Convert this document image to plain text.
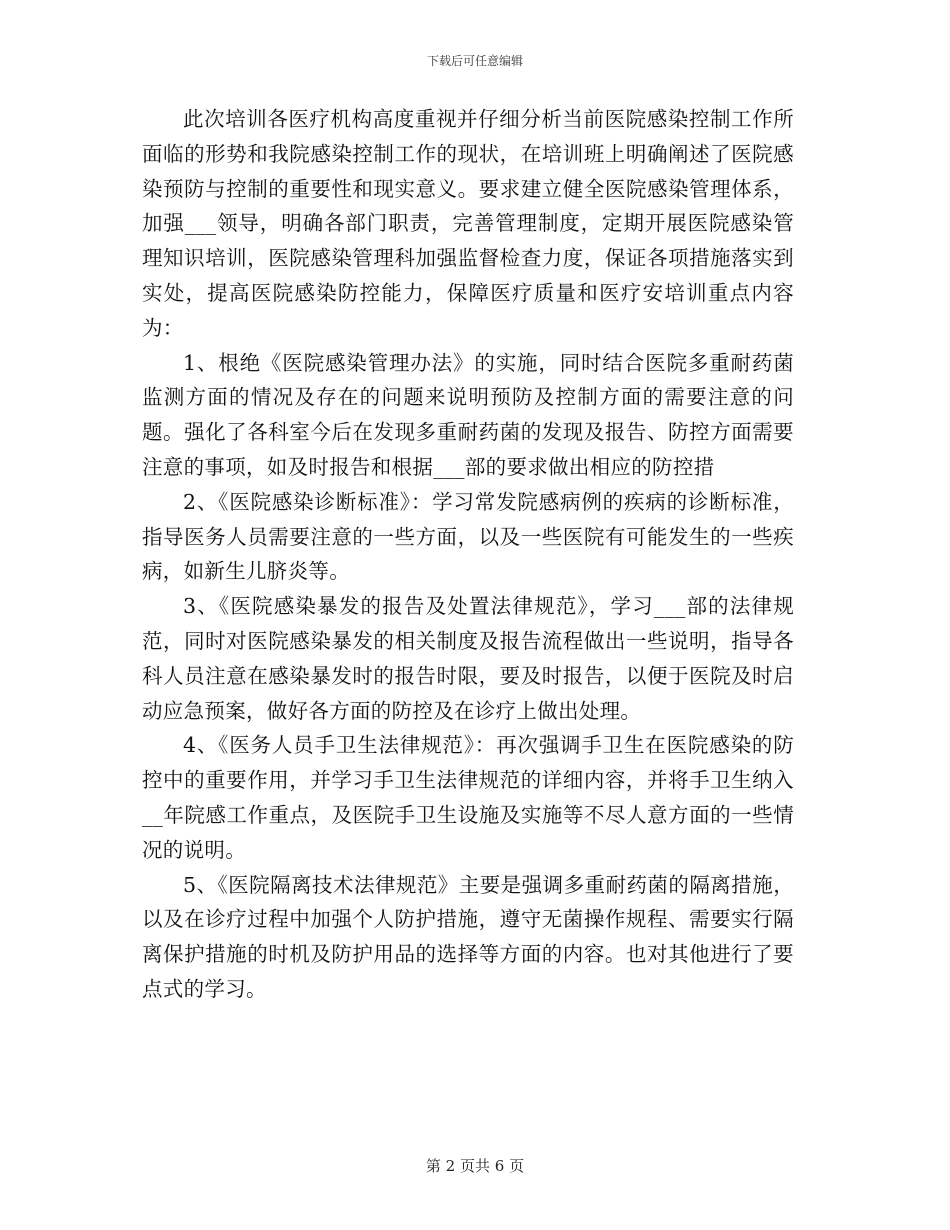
下载后可任意编辑

此次培训各医疗机构高度重视并仔细分析当前医院感染控制工作所面临的形势和我院感染控制工作的现状，在培训班上明确阐述了医院感染预防与控制的重要性和现实意义。要求建立健全医院感染管理体系，加强___领导，明确各部门职责，完善管理制度，定期开展医院感染管理知识培训，医院感染管理科加强监督检查力度，保证各项措施落实到实处，提高医院感染防控能力，保障医疗质量和医疗安培训重点内容为：

1、根绝《医院感染管理办法》的实施，同时结合医院多重耐药菌监测方面的情况及存在的问题来说明预防及控制方面的需要注意的问题。强化了各科室今后在发现多重耐药菌的发现及报告、防控方面需要注意的事项，如及时报告和根据___部的要求做出相应的防控措

2、《医院感染诊断标准》：学习常发院感病例的疾病的诊断标准，指导医务人员需要注意的一些方面，以及一些医院有可能发生的一些疾病，如新生儿脐炎等。

3、《医院感染暴发的报告及处置法律规范》，学习___部的法律规范，同时对医院感染暴发的相关制度及报告流程做出一些说明，指导各科人员注意在感染暴发时的报告时限，要及时报告，以便于医院及时启动应急预案，做好各方面的防控及在诊疗上做出处理。

4、《医务人员手卫生法律规范》：再次强调手卫生在医院感染的防控中的重要作用，并学习手卫生法律规范的详细内容，并将手卫生纳入__年院感工作重点，及医院手卫生设施及实施等不尽人意方面的一些情况的说明。

5、《医院隔离技术法律规范》主要是强调多重耐药菌的隔离措施，以及在诊疗过程中加强个人防护措施，遵守无菌操作规程、需要实行隔离保护措施的时机及防护用品的选择等方面的内容。也对其他进行了要点式的学习。

第 2 页共 6 页
